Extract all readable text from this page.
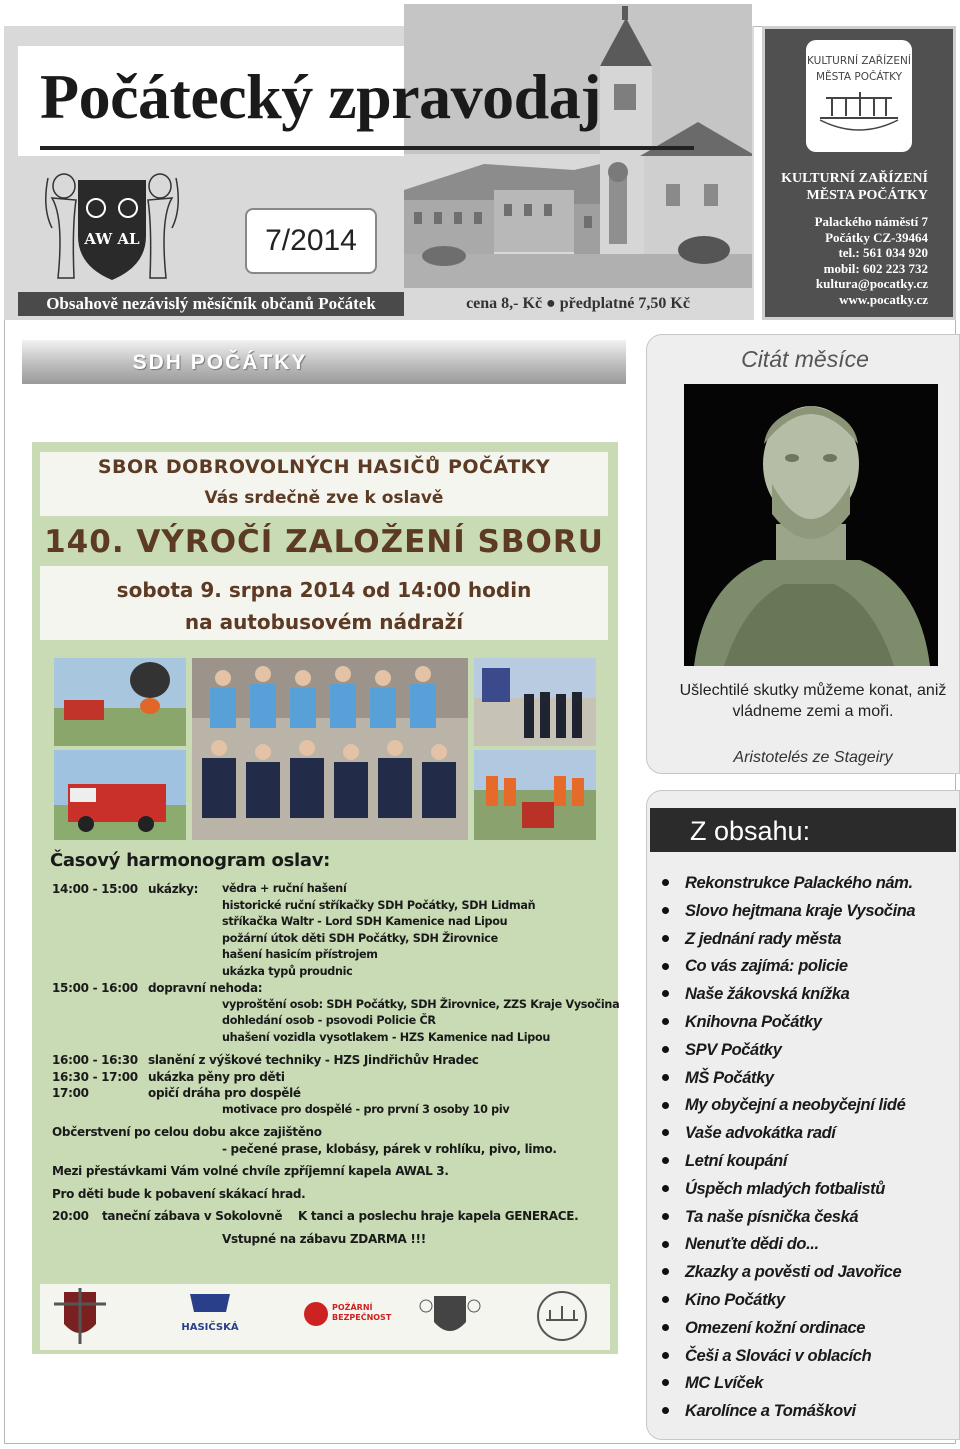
Počátecký zpravodaj
AW AL	7/2014
Obsahově nezávislý měsíčník občanů Počátek	cena 8,- Kč ● předplatné 7,50 Kč
KULTURNÍ ZAŘÍZENÍ
MĚSTA POČÁTKY
KULTURNÍ ZAŘÍZENÍ
MĚSTA POČÁTKY
Palackého náměstí 7
Počátky CZ-39464
tel.: 561 034 920
mobil: 602 223 732
kultura@pocatky.cz
www.pocatky.cz
SDH POČÁTKY	Citát měsíce
Ušlechtilé skutky můžeme konat, aniž vládneme zemi a moři.
Aristotelés ze Stageiry
Z obsahu:
Rekonstrukce Palackého nám.
Slovo hejtmana kraje Vysočina
Z jednání rady města
Co vás zajímá: policie
Naše žákovská knížka
Knihovna Počátky
SPV Počátky
MŠ Počátky
My obyčejní a neobyčejní lidé
Vaše advokátka radí
Letní koupání
Úspěch mladých fotbalistů
Ta naše písnička česká
Nenuťte dědi do...
Zkazky a pověsti od Javořice
Kino Počátky
Omezení kožní ordinace
Češi a Slováci v oblacích
MC Lvíček
Karolínce a Tomáškovi
SBOR DOBROVOLNÝCH HASIČŮ POČÁTKY
Vás srdečně zve k oslavě
140. VÝROČÍ ZALOŽENÍ SBORU
sobota 9. srpna 2014 od 14:00 hodin
na autobusovém nádraží
Časový harmonogram oslav:
14:00 - 15:00 ukázky: vědra + ruční hašení
historické ruční stříkačky SDH Počátky, SDH Lidmaň
stříkačka Waltr - Lord SDH Kamenice nad Lipou
požární útok děti SDH Počátky, SDH Žirovnice
hašení hasicím přístrojem
ukázka typů proudnic
15:00 - 16:00 dopravní nehoda:
vyproštění osob: SDH Počátky, SDH Žirovnice, ZZS Kraje Vysočina
dohledání osob - psovodi Policie ČR
uhašení vozidla vysotlakem - HZS Kamenice nad Lipou
16:00 - 16:30 slanění z výškové techniky - HZS Jindřichův Hradec
16:30 - 17:00 ukázka pěny pro děti
17:00	opičí dráha pro dospělé
motivace pro dospělé - pro první 3 osoby 10 piv
Občerstvení po celou dobu akce zajištěno
- pečené prase, klobásy, párek v rohlíku, pivo, limo.
Mezi přestávkami Vám volné chvíle zpříjemní kapela AWAL 3.
Pro děti bude k pobavení skákací hrad.
20:00 taneční zábava v Sokolovně K tanci a poslechu hraje kapela GENERACE.
Vstupné na zábavu ZDARMA !!!
HASIČSKÁ
POŽÁRNÍ
BEZPEČNOST
